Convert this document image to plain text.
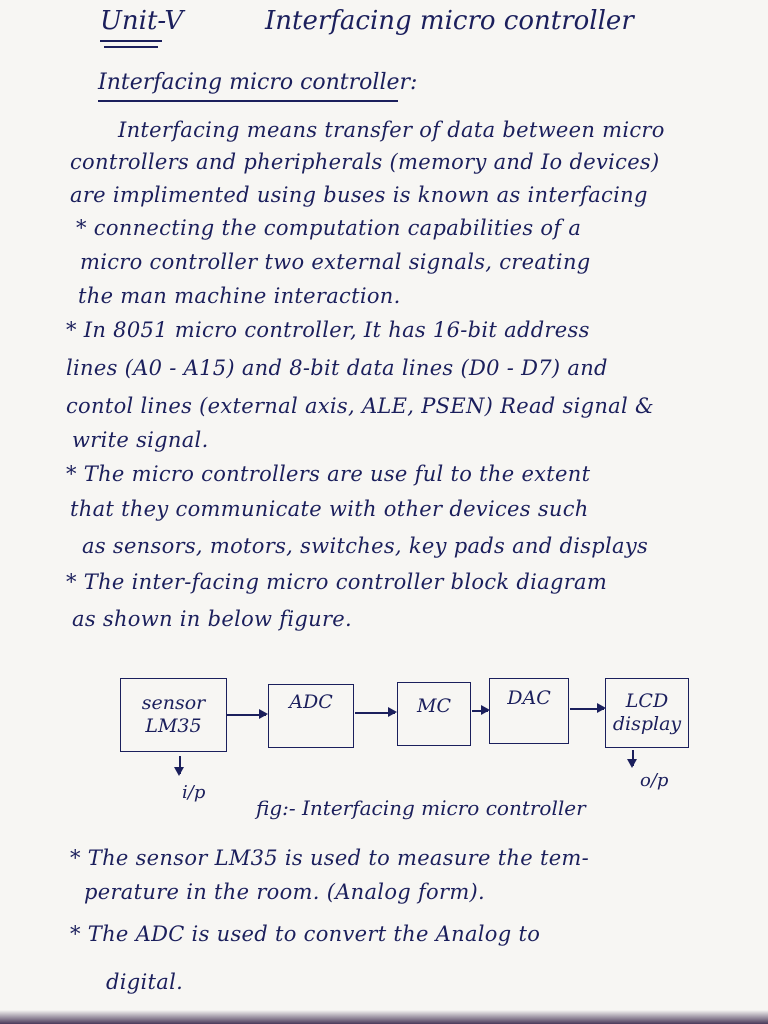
Unit-V	Interfacing micro controller
Interfacing micro controller:
Interfacing means transfer of data between micro
controllers and pheripherals (memory and Io devices)
are implimented using buses is known as interfacing
* connecting the computation capabilities of a
micro controller two external signals, creating
the man machine interaction.
* In 8051 micro controller, It has 16-bit address
lines (A0 - A15) and 8-bit data lines (D0 - D7) and
contol lines (external axis, ALE, PSEN) Read signal &
write signal.
* The micro controllers are use ful to the extent
that they communicate with other devices such
as sensors, motors, switches, key pads and displays
* The inter-facing micro controller block diagram
as shown in below figure.
sensor
LM35
ADC	MC	DAC	LCD
display
i/p
o/p
fig:- Interfacing micro controller
* The sensor LM35 is used to measure the tem-
perature in the room. (Analog form).
* The ADC is used to convert the Analog to
digital.
